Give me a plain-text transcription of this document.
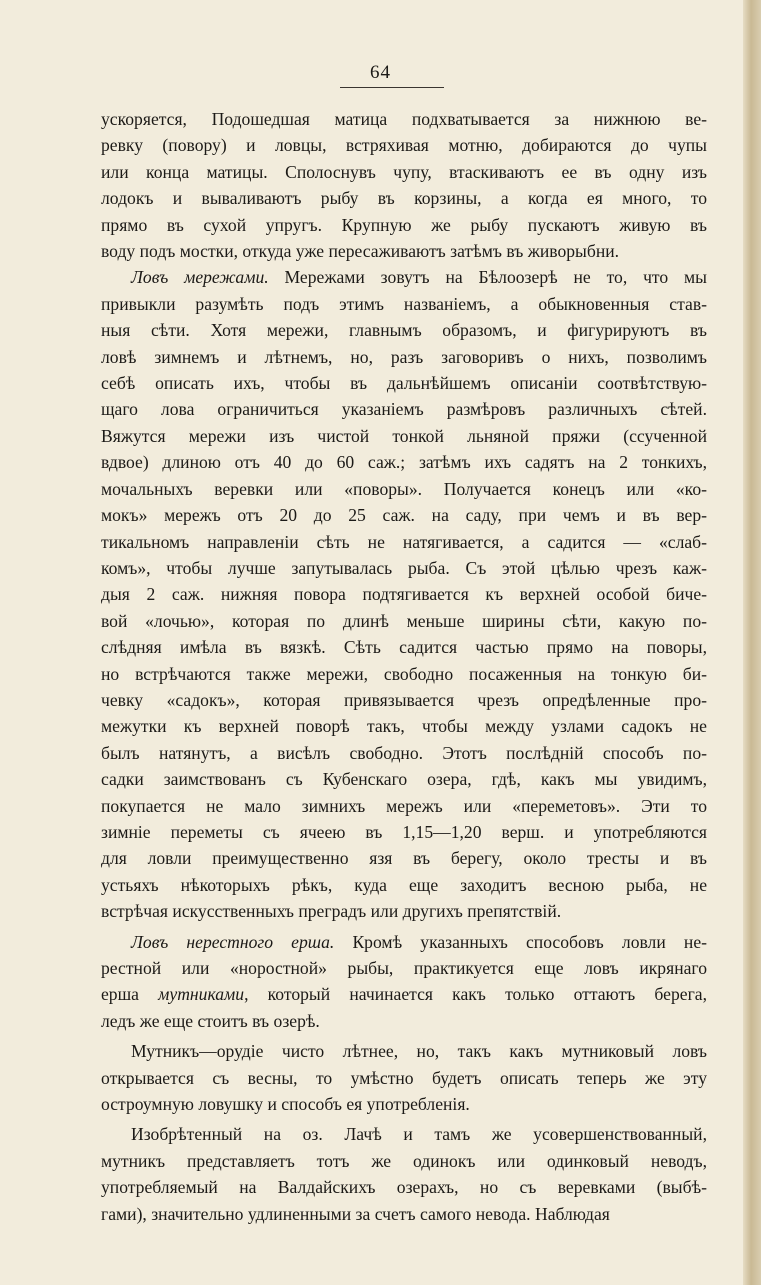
64
ускоряется, Подошедшая матица подхватывается за нижнюю ве-
ревку (повору) и ловцы, встряхивая мотню, добираются до чупы
или конца матицы. Сполоснувъ чупу, втаскиваютъ ее въ одну изъ
лодокъ и вываливаютъ рыбу въ корзины, а когда ея много, то
прямо въ сухой упругъ. Крупную же рыбу пускаютъ живую въ
воду подъ мостки, откуда уже пересаживаютъ затѣмъ въ живорыбни.
Ловъ мережами. Мережами зовутъ на Бѣлоозерѣ не то, что мы
привыкли разумѣть подъ этимъ названіемъ, а обыкновенныя став-
ныя сѣти. Хотя мережи, главнымъ образомъ, и фигурируютъ въ
ловѣ зимнемъ и лѣтнемъ, но, разъ заговоривъ о нихъ, позволимъ
себѣ описать ихъ, чтобы въ дальнѣйшемъ описаніи соотвѣтствую-
щаго лова ограничиться указаніемъ размѣровъ различныхъ сѣтей.
Вяжутся мережи изъ чистой тонкой льняной пряжи (ссученной
вдвое) длиною отъ 40 до 60 саж.; затѣмъ ихъ садятъ на 2 тонкихъ,
мочальныхъ веревки или «поворы». Получается конецъ или «ко-
мокъ» мережъ отъ 20 до 25 саж. на саду, при чемъ и въ вер-
тикальномъ направленіи сѣть не натягивается, а садится — «слаб-
комъ», чтобы лучше запутывалась рыба. Съ этой цѣлью чрезъ каж-
дыя 2 саж. нижняя повора подтягивается къ верхней особой биче-
вой «лочью», которая по длинѣ меньше ширины сѣти, какую по-
слѣдняя имѣла въ вязкѣ. Сѣть садится частью прямо на поворы,
но встрѣчаются также мережи, свободно посаженныя на тонкую би-
чевку «садокъ», которая привязывается чрезъ опредѣленные про-
межутки къ верхней поворѣ такъ, чтобы между узлами садокъ не
былъ натянутъ, а висѣлъ свободно. Этотъ послѣдній способъ по-
садки заимствованъ съ Кубенскаго озера, гдѣ, какъ мы увидимъ,
покупается не мало зимнихъ мережъ или «переметовъ». Эти то
зимніе переметы съ ячеею въ 1,15—1,20 верш. и употребляются
для ловли преимущественно язя въ берегу, около тресты и въ
устьяхъ нѣкоторыхъ рѣкъ, куда еще заходитъ весною рыба, не
встрѣчая искусственныхъ преградъ или другихъ препятствій.
Ловъ нерестного ерша. Кромѣ указанныхъ способовъ ловли не-
рестной или «норостной» рыбы, практикуется еще ловъ икрянаго
ерша мутниками, который начинается какъ только оттаютъ берега,
ледъ же еще стоитъ въ озерѣ.
Мутникъ—орудіе чисто лѣтнее, но, такъ какъ мутниковый ловъ
открывается съ весны, то умѣстно будетъ описать теперь же эту
остроумную ловушку и способъ ея употребленія.
Изобрѣтенный на оз. Лачѣ и тамъ же усовершенствованный,
мутникъ представляетъ тотъ же одинокъ или одинковый неводъ,
употребляемый на Валдайскихъ озерахъ, но съ веревками (выбѣ-
гами), значительно удлиненными за счетъ самого невода. Наблюдая
